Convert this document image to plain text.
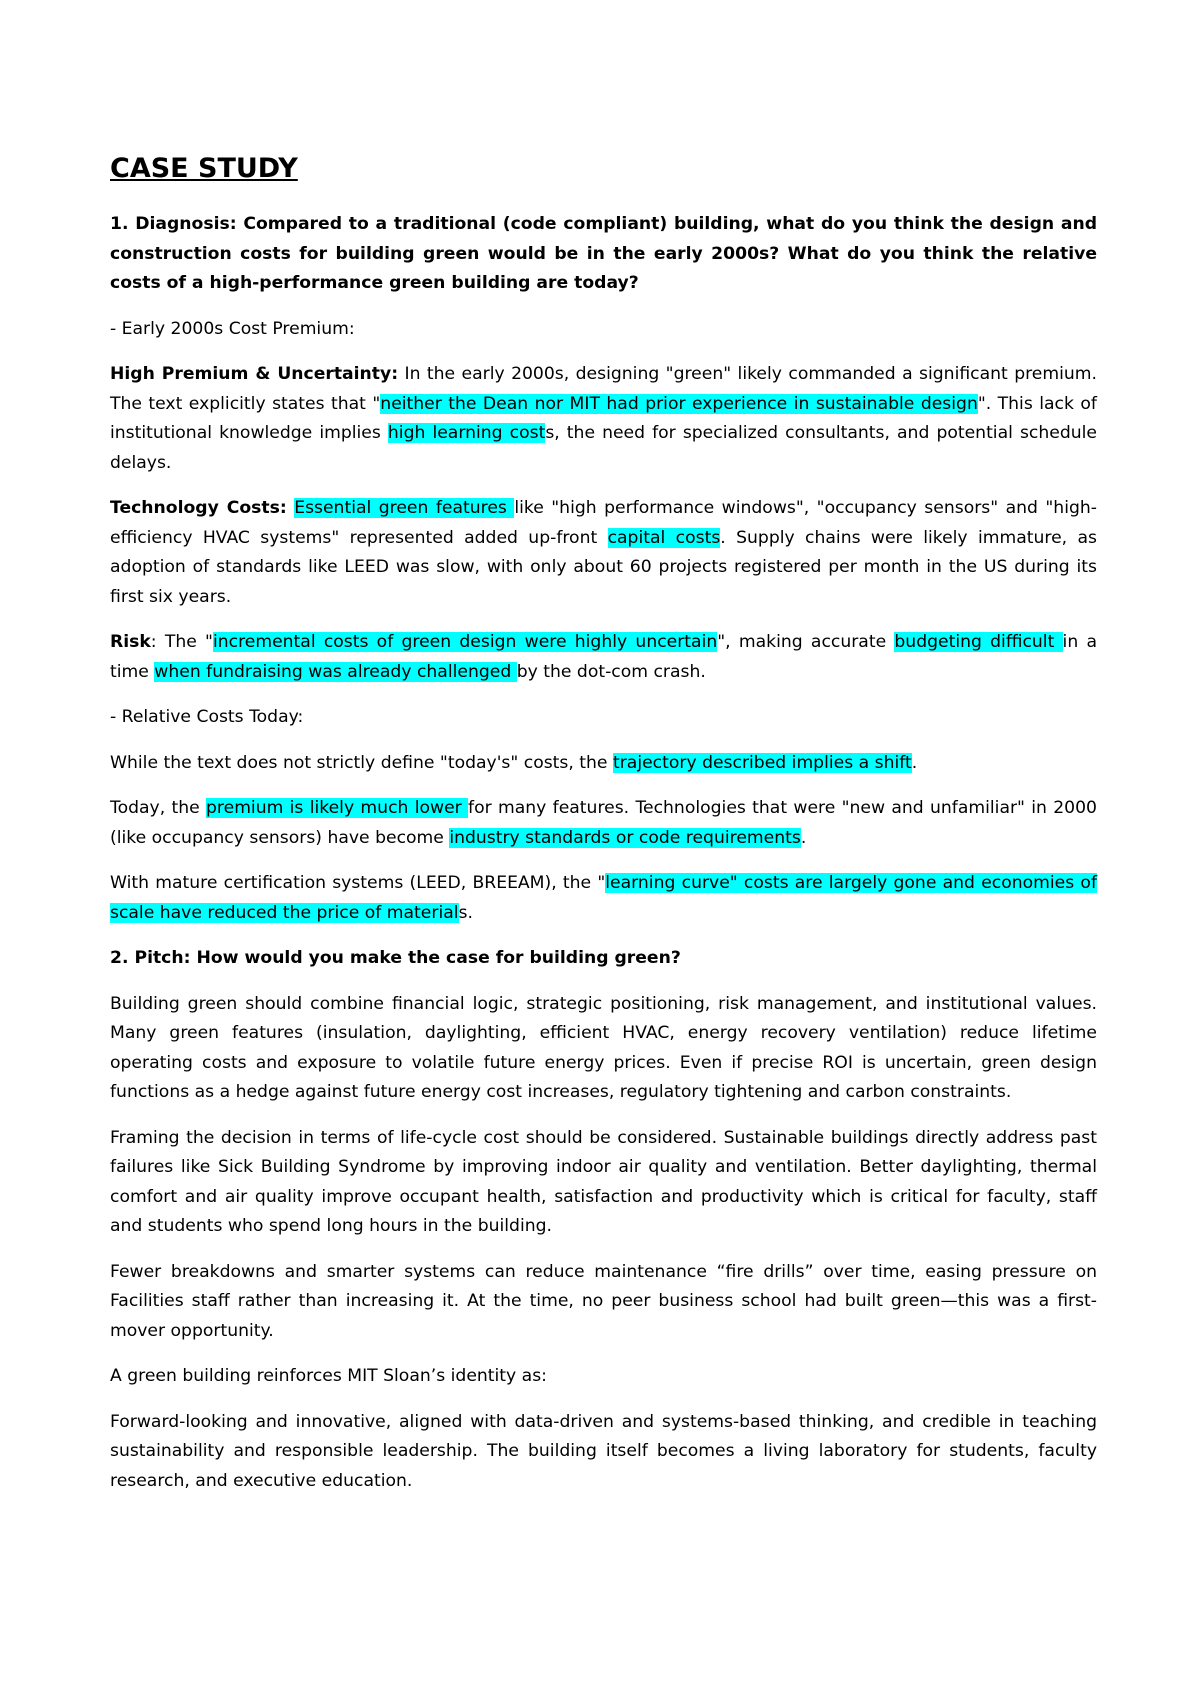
CASE STUDY

1. Diagnosis: Compared to a traditional (code compliant) building, what do you think the design and construction costs for building green would be in the early 2000s? What do you think the relative costs of a high-performance green building are today?

- Early 2000s Cost Premium:

High Premium & Uncertainty: In the early 2000s, designing "green" likely commanded a significant premium. The text explicitly states that "neither the Dean nor MIT had prior experience in sustainable design". This lack of institutional knowledge implies high learning costs, the need for specialized consultants, and potential schedule delays.

Technology Costs: Essential green features like "high performance windows", "occupancy sensors" and "high-efficiency HVAC systems" represented added up-front capital costs. Supply chains were likely immature, as adoption of standards like LEED was slow, with only about 60 projects registered per month in the US during its first six years.

Risk: The "incremental costs of green design were highly uncertain", making accurate budgeting difficult in a time when fundraising was already challenged by the dot-com crash.

- Relative Costs Today:

While the text does not strictly define "today's" costs, the trajectory described implies a shift.

Today, the premium is likely much lower for many features. Technologies that were "new and unfamiliar" in 2000 (like occupancy sensors) have become industry standards or code requirements.

With mature certification systems (LEED, BREEAM), the "learning curve" costs are largely gone and economies of scale have reduced the price of materials.

2. Pitch: How would you make the case for building green?

Building green should combine financial logic, strategic positioning, risk management, and institutional values. Many green features (insulation, daylighting, efficient HVAC, energy recovery ventilation) reduce lifetime operating costs and exposure to volatile future energy prices. Even if precise ROI is uncertain, green design functions as a hedge against future energy cost increases, regulatory tightening and carbon constraints.

Framing the decision in terms of life-cycle cost should be considered. Sustainable buildings directly address past failures like Sick Building Syndrome by improving indoor air quality and ventilation. Better daylighting, thermal comfort and air quality improve occupant health, satisfaction and productivity which is critical for faculty, staff and students who spend long hours in the building.

Fewer breakdowns and smarter systems can reduce maintenance “fire drills” over time, easing pressure on Facilities staff rather than increasing it. At the time, no peer business school had built green—this was a first-mover opportunity.

A green building reinforces MIT Sloan’s identity as:

Forward-looking and innovative, aligned with data-driven and systems-based thinking, and credible in teaching sustainability and responsible leadership. The building itself becomes a living laboratory for students, faculty research, and executive education.
